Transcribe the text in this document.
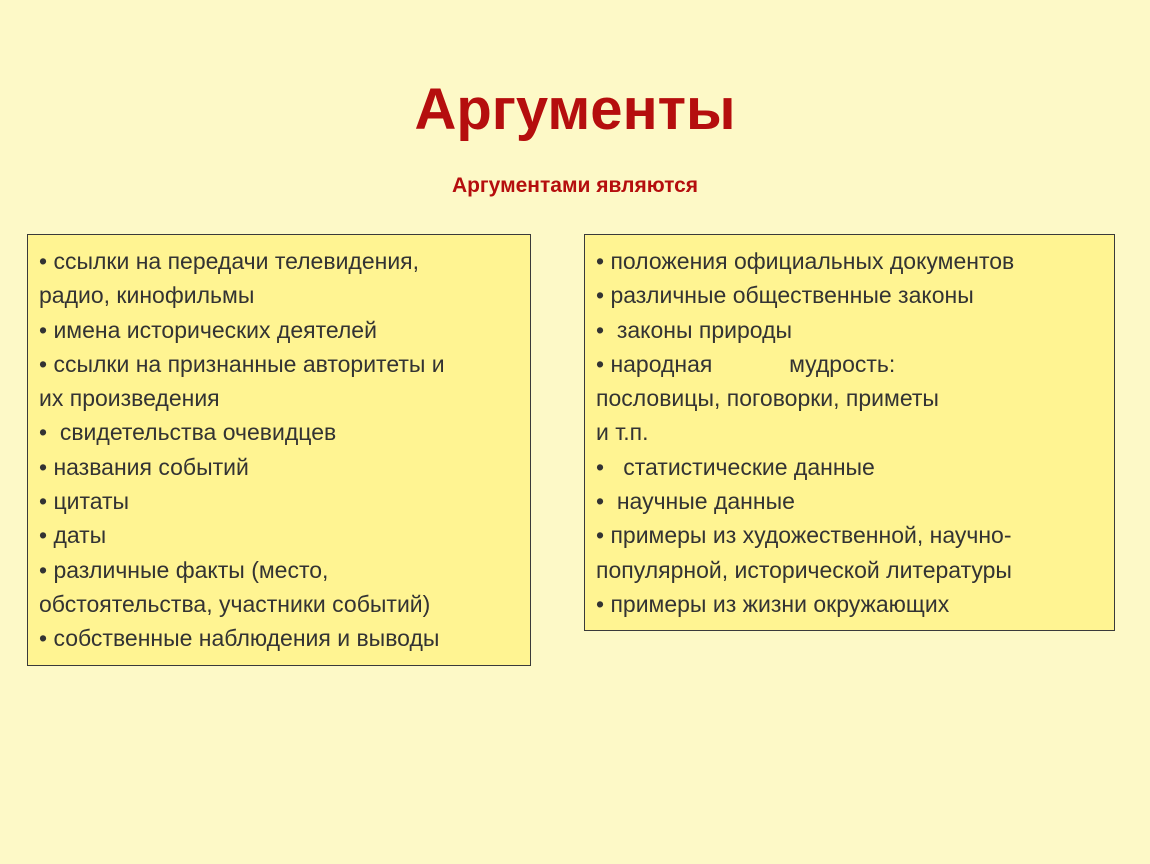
Аргументы

Аргументами являются

• ссылки на передачи телевидения,
радио, кинофильмы
• имена исторических деятелей
• ссылки на признанные авторитеты и
их произведения
•  свидетельства очевидцев
• названия событий
• цитаты
• даты
• различные факты (место,
обстоятельства, участники событий)
• собственные наблюдения и выводы
• положения официальных документов
• различные общественные законы
•  законы природы
• народная            мудрость:
пословицы, поговорки, приметы
и т.п.
•   статистические данные
•  научные данные
• примеры из художественной, научно-
популярной, исторической литературы
• примеры из жизни окружающих
